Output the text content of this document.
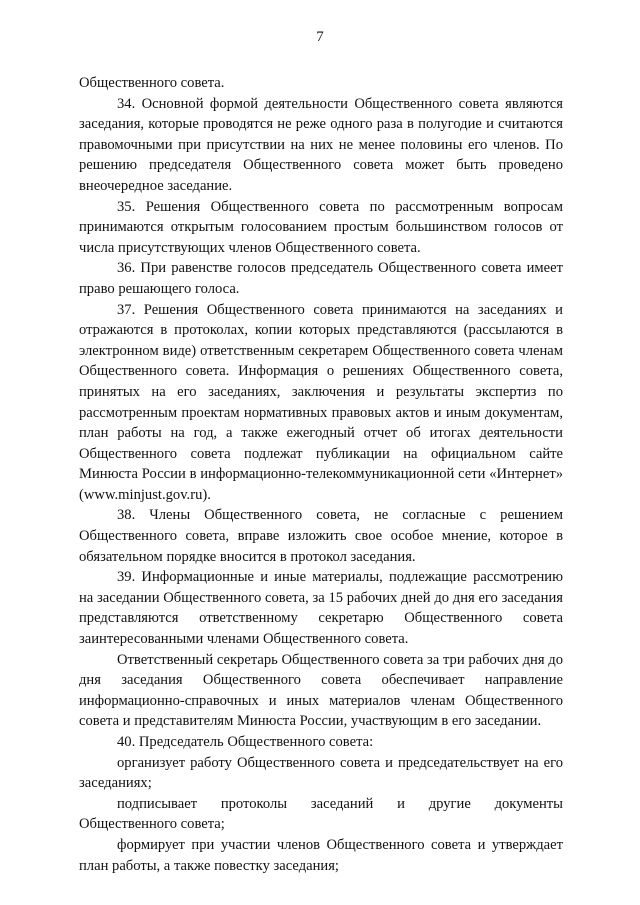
7

Общественного совета.

34. Основной формой деятельности Общественного совета являются заседания, которые проводятся не реже одного раза в полугодие и считаются правомочными при присутствии на них не менее половины его членов. По решению председателя Общественного совета может быть проведено внеочередное заседание.

35. Решения Общественного совета по рассмотренным вопросам принимаются открытым голосованием простым большинством голосов от числа присутствующих членов Общественного совета.

36. При равенстве голосов председатель Общественного совета имеет право решающего голоса.

37. Решения Общественного совета принимаются на заседаниях и отражаются в протоколах, копии которых представляются (рассылаются в электронном виде) ответственным секретарем Общественного совета членам Общественного совета. Информация о решениях Общественного совета, принятых на его заседаниях, заключения и результаты экспертиз по рассмотренным проектам нормативных правовых актов и иным документам, план работы на год, а также ежегодный отчет об итогах деятельности Общественного совета подлежат публикации на официальном сайте Минюста России в информационно-телекоммуникационной сети «Интернет» (www.minjust.gov.ru).

38. Члены Общественного совета, не согласные с решением Общественного совета, вправе изложить свое особое мнение, которое в обязательном порядке вносится в протокол заседания.

39. Информационные и иные материалы, подлежащие рассмотрению на заседании Общественного совета, за 15 рабочих дней до дня его заседания представляются ответственному секретарю Общественного совета заинтересованными членами Общественного совета.

Ответственный секретарь Общественного совета за три рабочих дня до дня заседания Общественного совета обеспечивает направление информационно-справочных и иных материалов членам Общественного совета и представителям Минюста России, участвующим в его заседании.

40. Председатель Общественного совета:

организует работу Общественного совета и председательствует на его заседаниях;

подписывает протоколы заседаний и другие документы Общественного совета;

формирует при участии членов Общественного совета и утверждает план работы, а также повестку заседания;
